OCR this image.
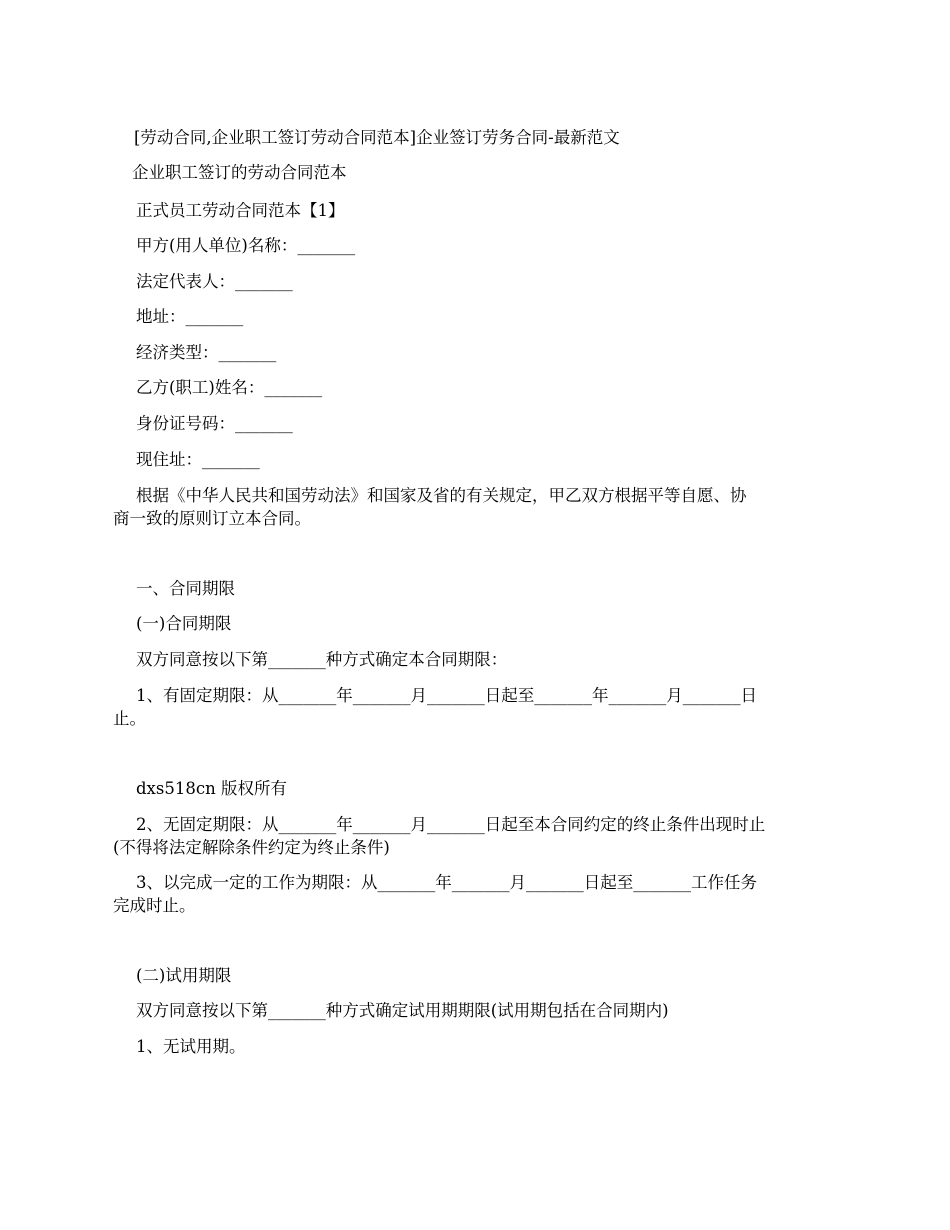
[劳动合同,企业职工签订劳动合同范本]企业签订劳务合同-最新范文
企业职工签订的劳动合同范本
正式员工劳动合同范本【1】
甲方(用人单位)名称：_______
法定代表人：_______
地址：_______
经济类型：_______
乙方(职工)姓名：_______
身份证号码：_______
现住址：_______
根据《中华人民共和国劳动法》和国家及省的有关规定，甲乙双方根据平等自愿、协
商一致的原则订立本合同。
一、合同期限
(一)合同期限
双方同意按以下第_______种方式确定本合同期限：
1、有固定期限：从_______年_______月_______日起至_______年_______月_______日
止。
dxs518cn 版权所有
2、无固定期限：从_______年_______月_______日起至本合同约定的终止条件出现时止
(不得将法定解除条件约定为终止条件)
3、以完成一定的工作为期限：从_______年_______月_______日起至_______工作任务
完成时止。
(二)试用期限
双方同意按以下第_______种方式确定试用期期限(试用期包括在合同期内)
1、无试用期。
